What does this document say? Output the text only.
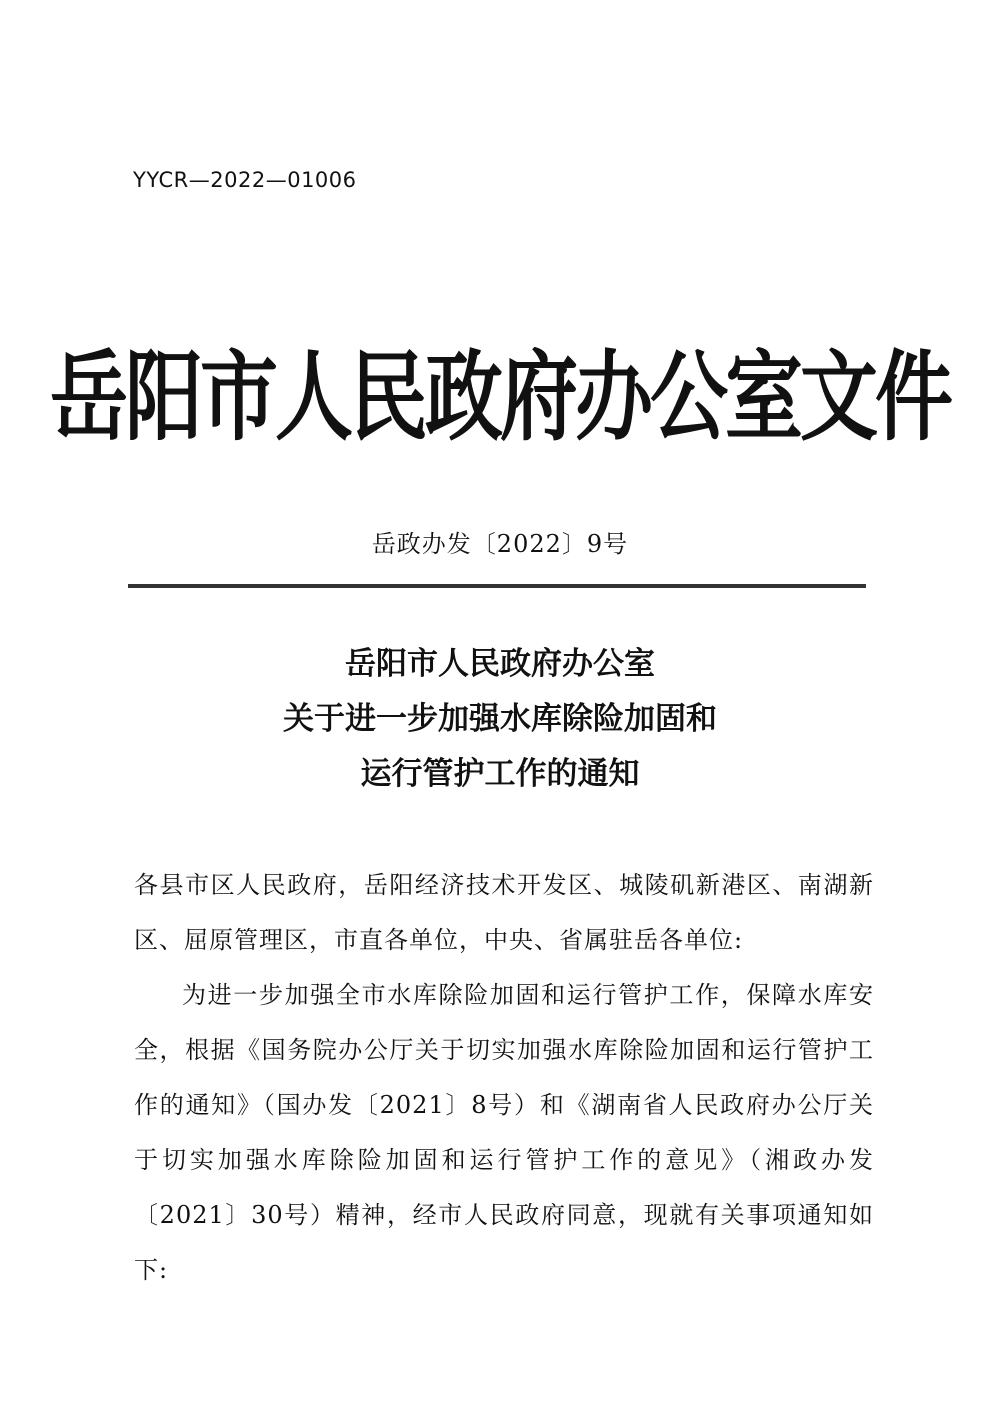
YYCR—2022—01006
岳阳市人民政府办公室文件
岳政办发〔2022〕9号
岳阳市人民政府办公室
关于进一步加强水库除险加固和
运行管护工作的通知

各县市区人民政府，岳阳经济技术开发区、城陵矶新港区、南湖新区、屈原管理区，市直各单位，中央、省属驻岳各单位:

为进一步加强全市水库除险加固和运行管护工作，保障水库安全，根据《国务院办公厅关于切实加强水库除险加固和运行管护工作的通知》（国办发〔2021〕8号）和《湖南省人民政府办公厅关于切实加强水库除险加固和运行管护工作的意见》（湘政办发〔2021〕30号）精神，经市人民政府同意，现就有关事项通知如下:
